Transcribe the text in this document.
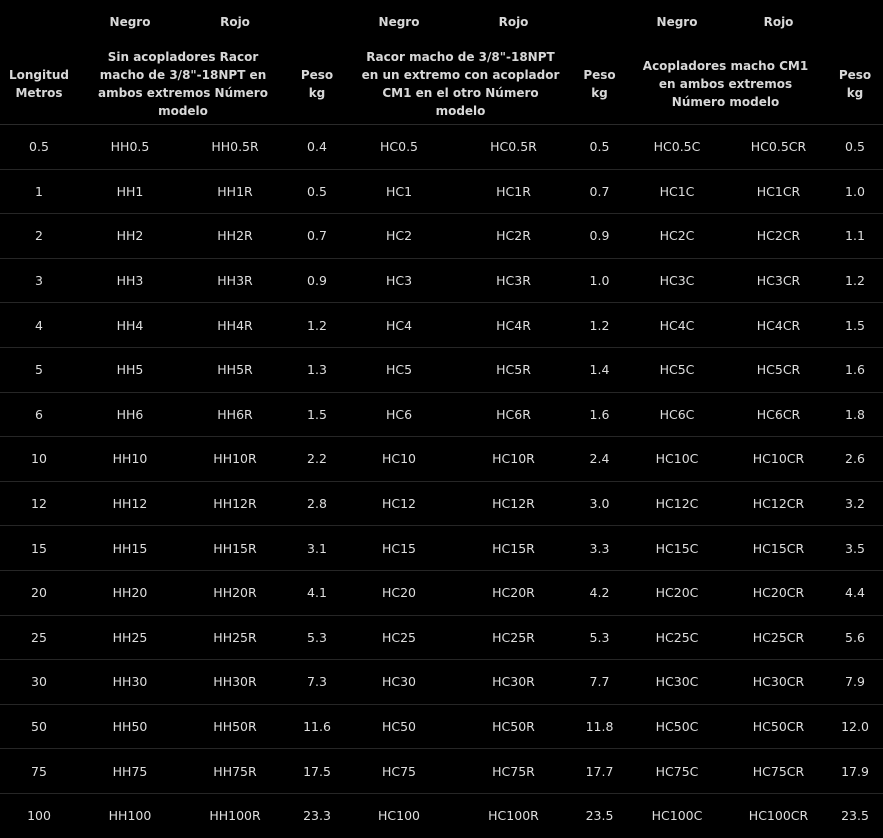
	Negro	Rojo		Negro	Rojo		Negro	Rojo	

Longitud Metros	Sin acopladores Racor macho de 3/8"-18NPT en ambos extremos Número modelo		Peso kg	Racor macho de 3/8"-18NPT en un extremo con acoplador CM1 en el otro Número modelo		Peso kg	Acopladores macho CM1 en ambos extremos Número modelo		Peso kg

0.5	HH0.5	HH0.5R	0.4	HC0.5	HC0.5R	0.5	HC0.5C	HC0.5CR	0.5
1	HH1	HH1R	0.5	HC1	HC1R	0.7	HC1C	HC1CR	1.0
2	HH2	HH2R	0.7	HC2	HC2R	0.9	HC2C	HC2CR	1.1
3	HH3	HH3R	0.9	HC3	HC3R	1.0	HC3C	HC3CR	1.2
4	HH4	HH4R	1.2	HC4	HC4R	1.2	HC4C	HC4CR	1.5
5	HH5	HH5R	1.3	HC5	HC5R	1.4	HC5C	HC5CR	1.6
6	HH6	HH6R	1.5	HC6	HC6R	1.6	HC6C	HC6CR	1.8
10	HH10	HH10R	2.2	HC10	HC10R	2.4	HC10C	HC10CR	2.6
12	HH12	HH12R	2.8	HC12	HC12R	3.0	HC12C	HC12CR	3.2
15	HH15	HH15R	3.1	HC15	HC15R	3.3	HC15C	HC15CR	3.5
20	HH20	HH20R	4.1	HC20	HC20R	4.2	HC20C	HC20CR	4.4
25	HH25	HH25R	5.3	HC25	HC25R	5.3	HC25C	HC25CR	5.6
30	HH30	HH30R	7.3	HC30	HC30R	7.7	HC30C	HC30CR	7.9
50	HH50	HH50R	11.6	HC50	HC50R	11.8	HC50C	HC50CR	12.0
75	HH75	HH75R	17.5	HC75	HC75R	17.7	HC75C	HC75CR	17.9
100	HH100	HH100R	23.3	HC100	HC100R	23.5	HC100C	HC100CR	23.5
